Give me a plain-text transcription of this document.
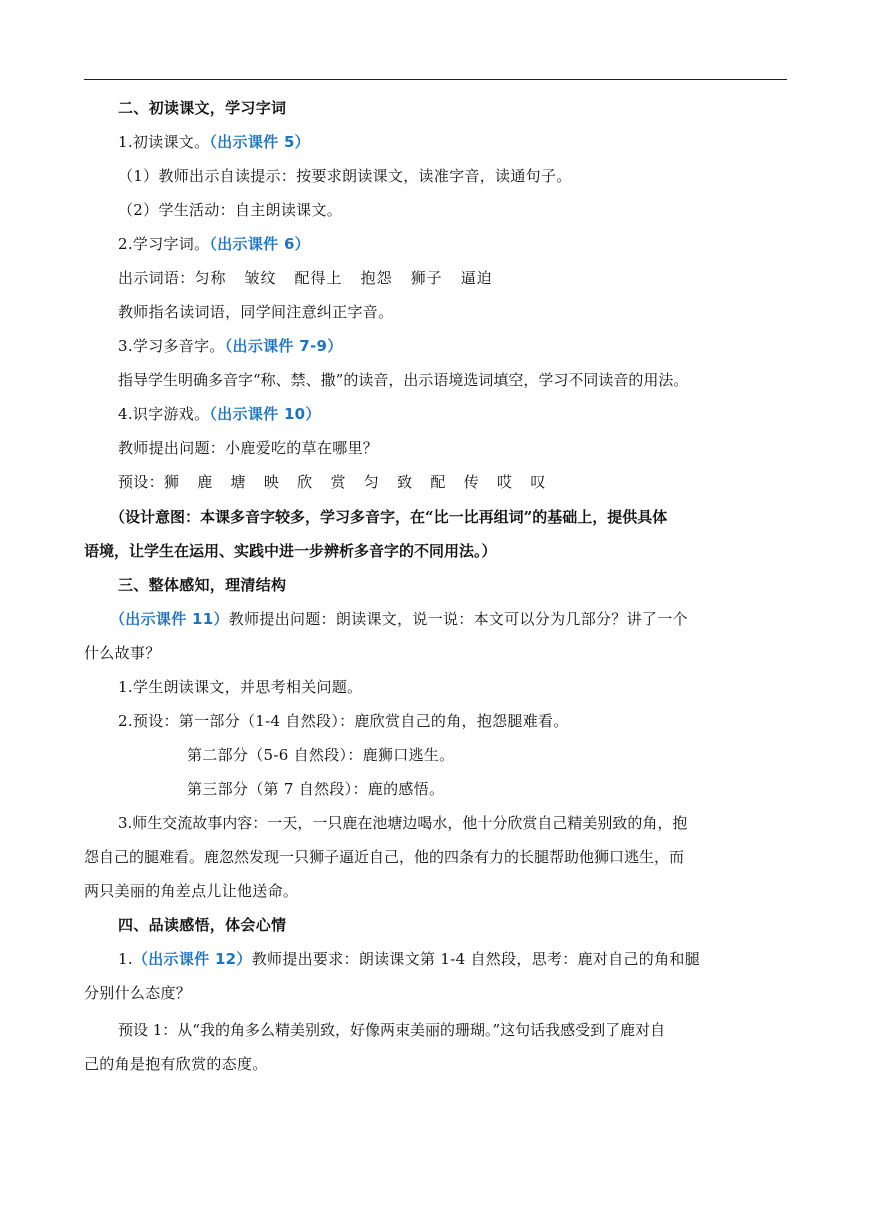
二、初读课文，学习字词
1.初读课文。（出示课件 5）
（1）教师出示自读提示：按要求朗读课文，读准字音，读通句子。
（2）学生活动：自主朗读课文。
2.学习字词。（出示课件 6）
出示词语：匀称 皱纹 配得上 抱怨 狮子 逼迫
教师指名读词语，同学间注意纠正字音。
3.学习多音字。（出示课件 7-9）
指导学生明确多音字“称、禁、撒”的读音，出示语境选词填空，学习不同读音的用法。
4.识字游戏。（出示课件 10）
教师提出问题：小鹿爱吃的草在哪里？
预设：狮 鹿 塘 映 欣 赏 匀 致 配 传 哎 叹
（设计意图：本课多音字较多，学习多音字，在“比一比再组词”的基础上，提供具体
语境，让学生在运用、实践中进一步辨析多音字的不同用法。）
三、整体感知，理清结构
（出示课件 11）教师提出问题：朗读课文，说一说：本文可以分为几部分？讲了一个
什么故事？
1.学生朗读课文，并思考相关问题。
2.预设：第一部分（1-4 自然段）：鹿欣赏自己的角，抱怨腿难看。
第二部分（5-6 自然段）：鹿狮口逃生。
第三部分（第 7 自然段）：鹿的感悟。
3.师生交流故事内容：一天，一只鹿在池塘边喝水，他十分欣赏自己精美别致的角，抱
怨自己的腿难看。鹿忽然发现一只狮子逼近自己，他的四条有力的长腿帮助他狮口逃生，而
两只美丽的角差点儿让他送命。
四、品读感悟，体会心情
1.（出示课件 12）教师提出要求：朗读课文第 1-4 自然段，思考：鹿对自己的角和腿
分别什么态度？
预设 1：从“我的角多么精美别致，好像两束美丽的珊瑚。”这句话我感受到了鹿对自
己的角是抱有欣赏的态度。
